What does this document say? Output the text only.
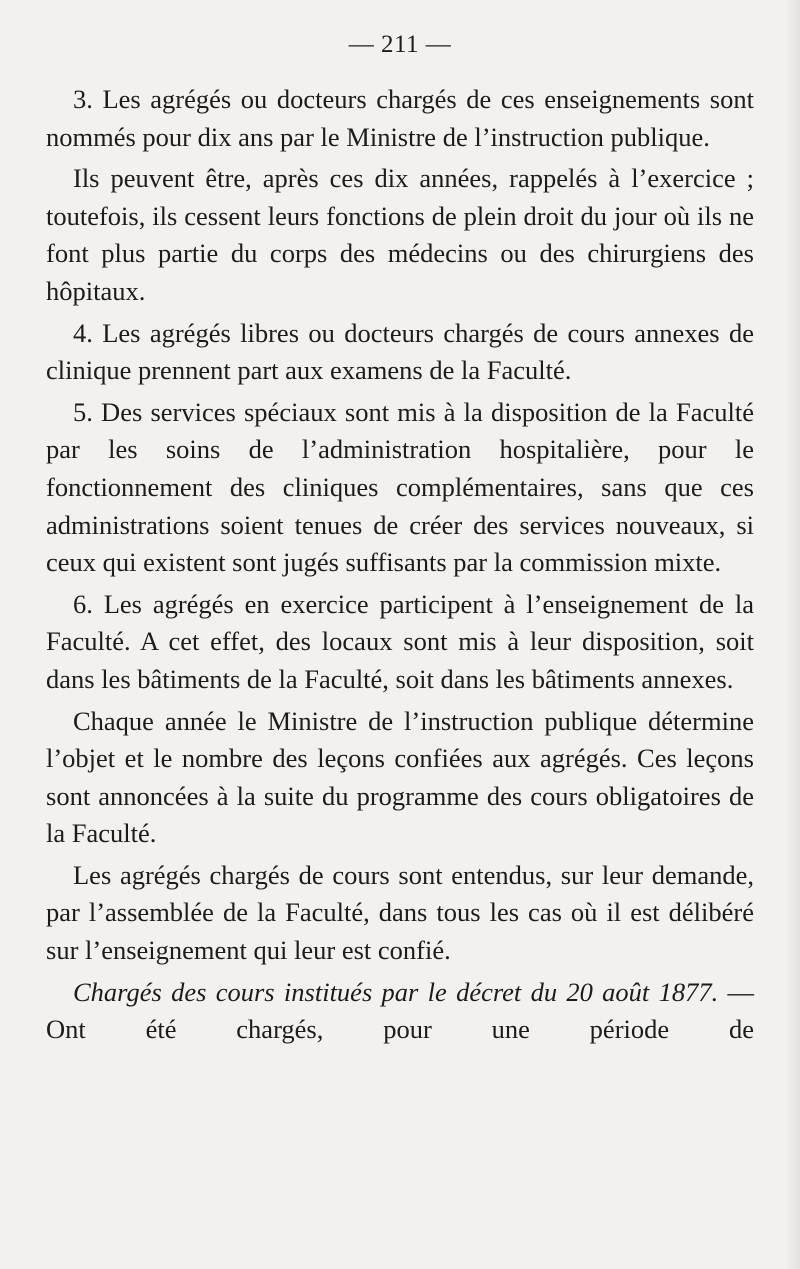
— 211 —

3. Les agrégés ou docteurs chargés de ces enseignements sont nommés pour dix ans par le Ministre de l’instruction publique.

Ils peuvent être, après ces dix années, rappelés à l’exercice ; toutefois, ils cessent leurs fonctions de plein droit du jour où ils ne font plus partie du corps des médecins ou des chirurgiens des hôpitaux.

4. Les agrégés libres ou docteurs chargés de cours annexes de clinique prennent part aux examens de la Faculté.

5. Des services spéciaux sont mis à la disposition de la Faculté par les soins de l’administration hospitalière, pour le fonctionnement des cliniques complémentaires, sans que ces administrations soient tenues de créer des services nouveaux, si ceux qui existent sont jugés suffisants par la commission mixte.

6. Les agrégés en exercice participent à l’enseignement de la Faculté. A cet effet, des locaux sont mis à leur disposition, soit dans les bâtiments de la Faculté, soit dans les bâtiments annexes.

Chaque année le Ministre de l’instruction publique détermine l’objet et le nombre des leçons confiées aux agrégés. Ces leçons sont annoncées à la suite du programme des cours obligatoires de la Faculté.

Les agrégés chargés de cours sont entendus, sur leur demande, par l’assemblée de la Faculté, dans tous les cas où il est délibéré sur l’enseignement qui leur est confié.

Chargés des cours institués par le décret du 20 août 1877. — Ont été chargés, pour une période de
